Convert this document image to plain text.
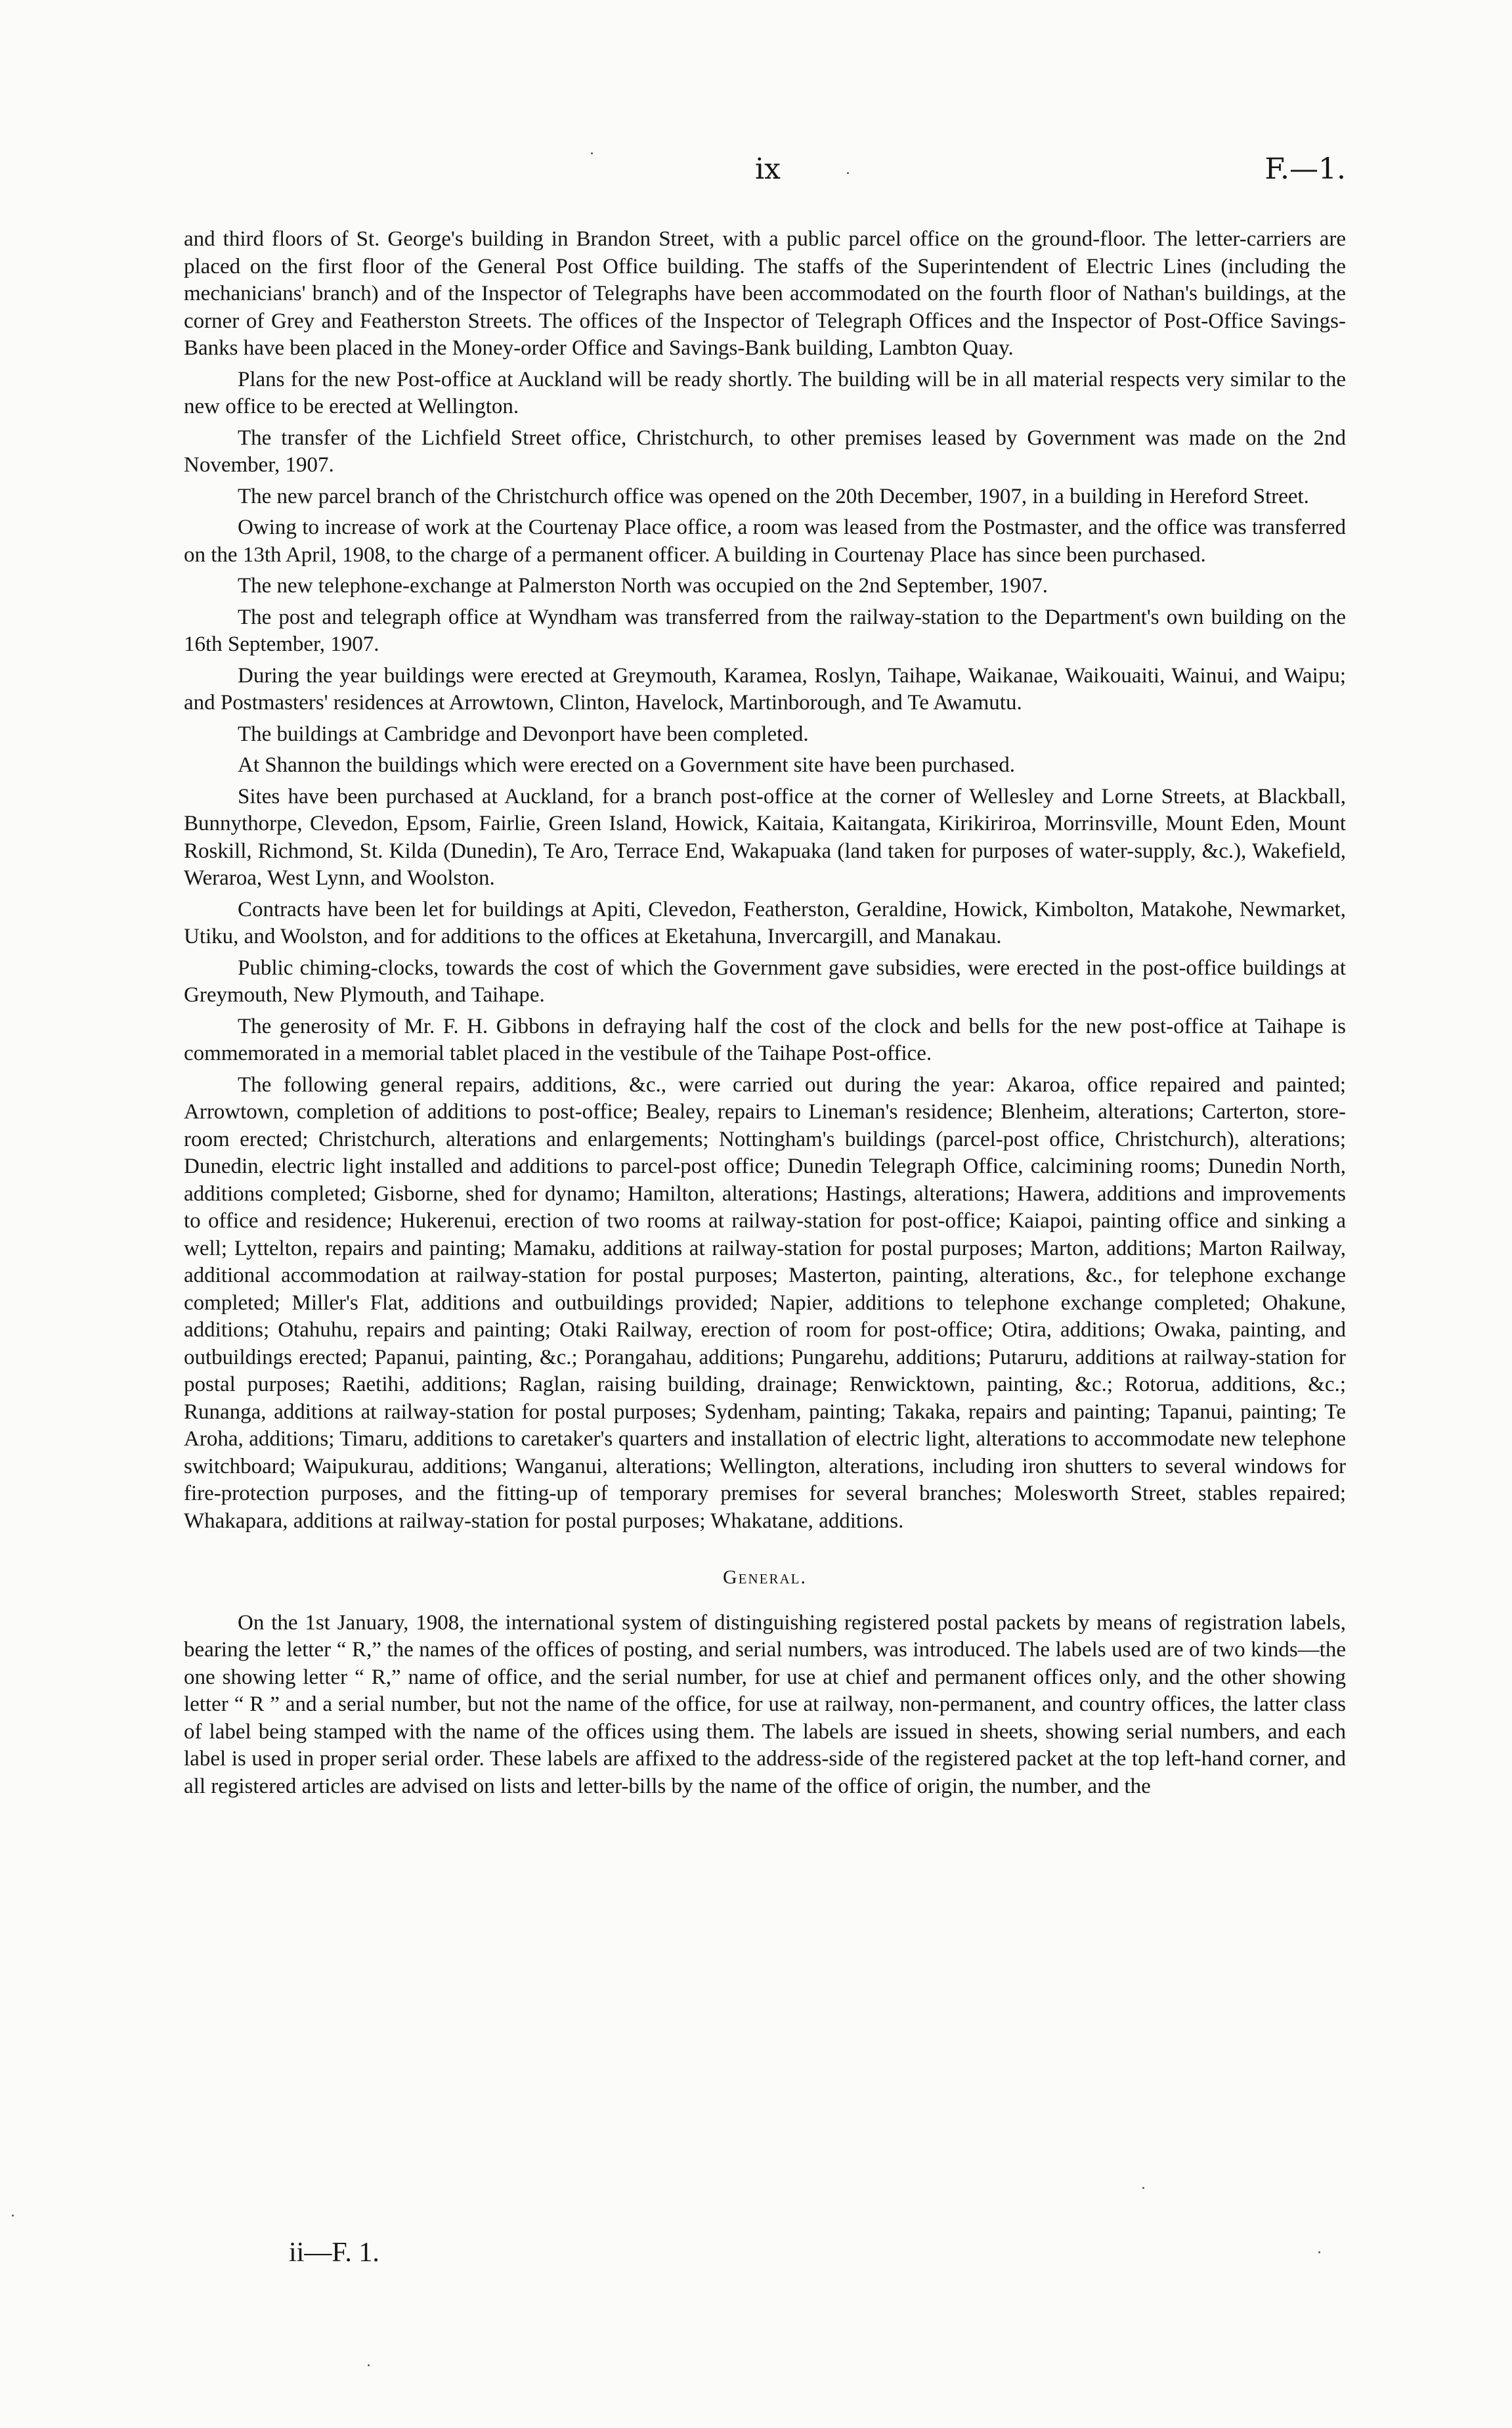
ix	F.—1.

and third floors of St. George's building in Brandon Street, with a public parcel office on the ground-floor. The letter-carriers are placed on the first floor of the General Post Office building. The staffs of the Superintendent of Electric Lines (including the mechanicians' branch) and of the Inspector of Telegraphs have been accommodated on the fourth floor of Nathan's buildings, at the corner of Grey and Featherston Streets. The offices of the Inspector of Telegraph Offices and the Inspector of Post-Office Savings-Banks have been placed in the Money-order Office and Savings-Bank building, Lambton Quay.

Plans for the new Post-office at Auckland will be ready shortly. The building will be in all material respects very similar to the new office to be erected at Wellington.

The transfer of the Lichfield Street office, Christchurch, to other premises leased by Government was made on the 2nd November, 1907.

The new parcel branch of the Christchurch office was opened on the 20th December, 1907, in a building in Hereford Street.

Owing to increase of work at the Courtenay Place office, a room was leased from the Postmaster, and the office was transferred on the 13th April, 1908, to the charge of a permanent officer. A building in Courtenay Place has since been purchased.

The new telephone-exchange at Palmerston North was occupied on the 2nd September, 1907.

The post and telegraph office at Wyndham was transferred from the railway-station to the Department's own building on the 16th September, 1907.

During the year buildings were erected at Greymouth, Karamea, Roslyn, Taihape, Waikanae, Waikouaiti, Wainui, and Waipu; and Postmasters' residences at Arrowtown, Clinton, Havelock, Martinborough, and Te Awamutu.

The buildings at Cambridge and Devonport have been completed.

At Shannon the buildings which were erected on a Government site have been purchased.

Sites have been purchased at Auckland, for a branch post-office at the corner of Wellesley and Lorne Streets, at Blackball, Bunnythorpe, Clevedon, Epsom, Fairlie, Green Island, Howick, Kaitaia, Kaitangata, Kirikiriroa, Morrinsville, Mount Eden, Mount Roskill, Richmond, St. Kilda (Dunedin), Te Aro, Terrace End, Wakapuaka (land taken for purposes of water-supply, &c.), Wakefield, Weraroa, West Lynn, and Woolston.

Contracts have been let for buildings at Apiti, Clevedon, Featherston, Geraldine, Howick, Kimbolton, Matakohe, Newmarket, Utiku, and Woolston, and for additions to the offices at Eketahuna, Invercargill, and Manakau.

Public chiming-clocks, towards the cost of which the Government gave subsidies, were erected in the post-office buildings at Greymouth, New Plymouth, and Taihape.

The generosity of Mr. F. H. Gibbons in defraying half the cost of the clock and bells for the new post-office at Taihape is commemorated in a memorial tablet placed in the vestibule of the Taihape Post-office.

The following general repairs, additions, &c., were carried out during the year: Akaroa, office repaired and painted; Arrowtown, completion of additions to post-office; Bealey, repairs to Lineman's residence; Blenheim, alterations; Carterton, store-room erected; Christchurch, alterations and enlargements; Nottingham's buildings (parcel-post office, Christchurch), alterations; Dunedin, electric light installed and additions to parcel-post office; Dunedin Telegraph Office, calcimining rooms; Dunedin North, additions completed; Gisborne, shed for dynamo; Hamilton, alterations; Hastings, alterations; Hawera, additions and improvements to office and residence; Hukerenui, erection of two rooms at railway-station for post-office; Kaiapoi, painting office and sinking a well; Lyttelton, repairs and painting; Mamaku, additions at railway-station for postal purposes; Marton, additions; Marton Railway, additional accommodation at railway-station for postal purposes; Masterton, painting, alterations, &c., for telephone exchange completed; Miller's Flat, additions and outbuildings provided; Napier, additions to telephone exchange completed; Ohakune, additions; Otahuhu, repairs and painting; Otaki Railway, erection of room for post-office; Otira, additions; Owaka, painting, and outbuildings erected; Papanui, painting, &c.; Porangahau, additions; Pungarehu, additions; Putaruru, additions at railway-station for postal purposes; Raetihi, additions; Raglan, raising building, drainage; Renwicktown, painting, &c.; Rotorua, additions, &c.; Runanga, additions at railway-station for postal purposes; Sydenham, painting; Takaka, repairs and painting; Tapanui, painting; Te Aroha, additions; Timaru, additions to caretaker's quarters and installation of electric light, alterations to accommodate new telephone switchboard; Waipukurau, additions; Wanganui, alterations; Wellington, alterations, including iron shutters to several windows for fire-protection purposes, and the fitting-up of temporary premises for several branches; Molesworth Street, stables repaired; Whakapara, additions at railway-station for postal purposes; Whakatane, additions.

General.

On the 1st January, 1908, the international system of distinguishing registered postal packets by means of registration labels, bearing the letter “ R,” the names of the offices of posting, and serial numbers, was introduced. The labels used are of two kinds—the one showing letter “ R,” name of office, and the serial number, for use at chief and permanent offices only, and the other showing letter “ R ” and a serial number, but not the name of the office, for use at railway, non-permanent, and country offices, the latter class of label being stamped with the name of the offices using them. The labels are issued in sheets, showing serial numbers, and each label is used in proper serial order. These labels are affixed to the address-side of the registered packet at the top left-hand corner, and all registered articles are advised on lists and letter-bills by the name of the office of origin, the number, and the

ii—F. 1.
